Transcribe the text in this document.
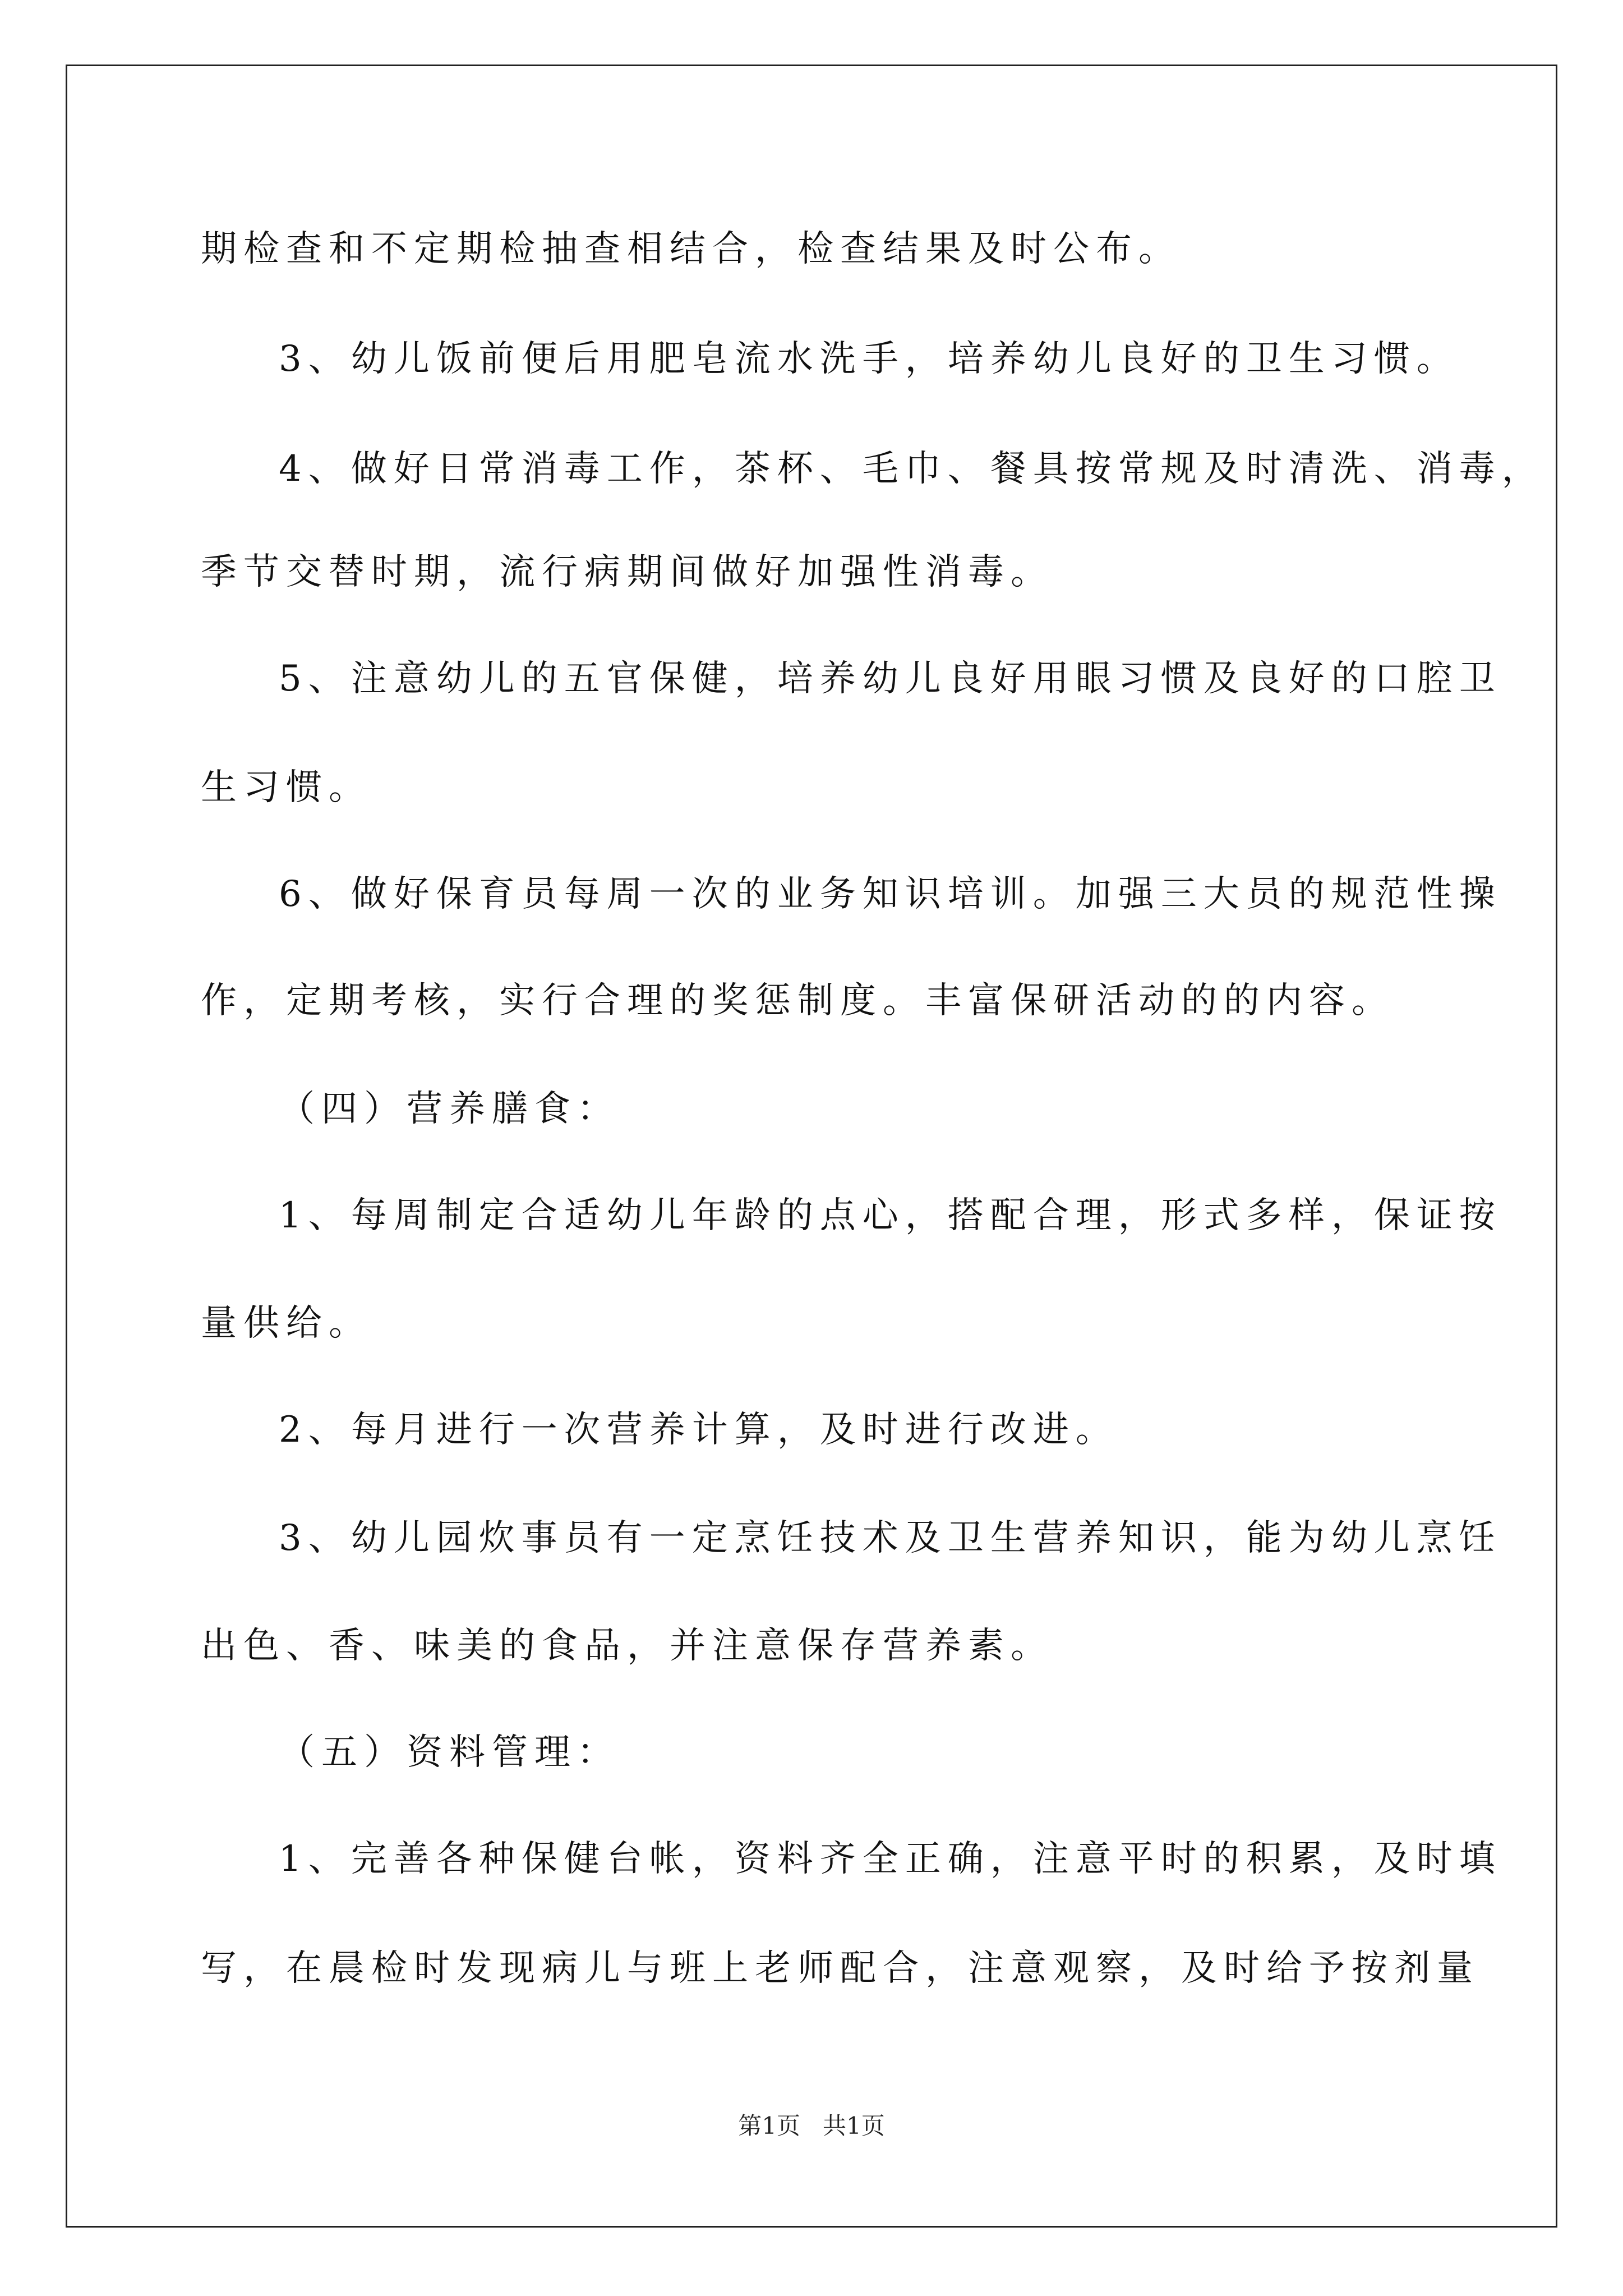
期检查和不定期检抽查相结合，检查结果及时公布。
3、幼儿饭前便后用肥皂流水洗手，培养幼儿良好的卫生习惯。
4、做好日常消毒工作，茶杯、毛巾、餐具按常规及时清洗、消毒，
季节交替时期，流行病期间做好加强性消毒。
5、注意幼儿的五官保健，培养幼儿良好用眼习惯及良好的口腔卫
生习惯。
6、做好保育员每周一次的业务知识培训。加强三大员的规范性操
作，定期考核，实行合理的奖惩制度。丰富保研活动的的内容。
（四）营养膳食：
1、每周制定合适幼儿年龄的点心，搭配合理，形式多样，保证按
量供给。
2、每月进行一次营养计算，及时进行改进。
3、幼儿园炊事员有一定烹饪技术及卫生营养知识，能为幼儿烹饪
出色、香、味美的食品，并注意保存营养素。
（五）资料管理：
1、完善各种保健台帐，资料齐全正确，注意平时的积累，及时填
写，在晨检时发现病儿与班上老师配合，注意观察，及时给予按剂量
第1页   共1页
